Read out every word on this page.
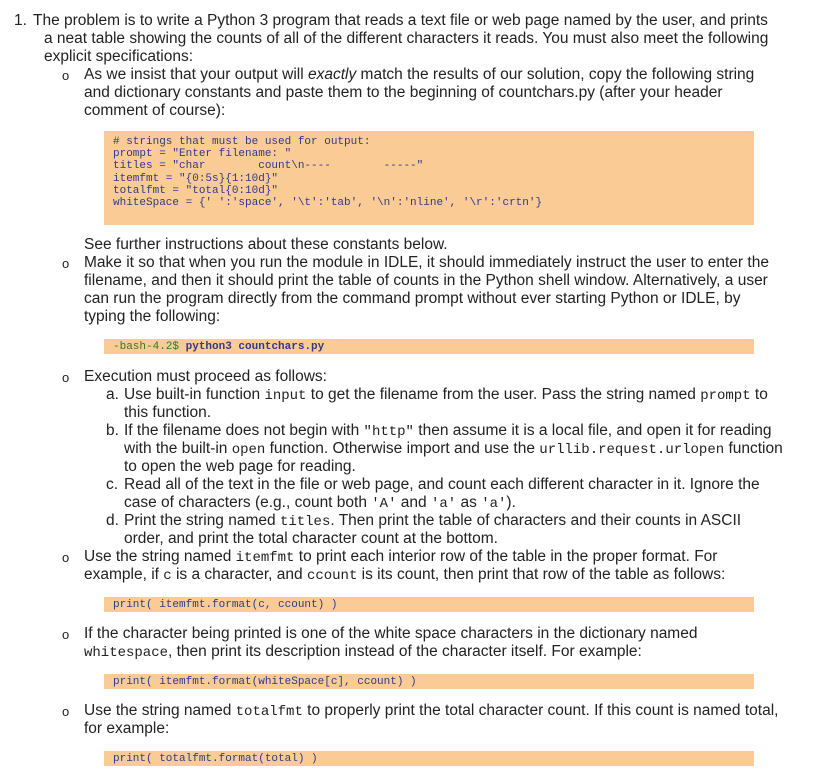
1. The problem is to write a Python 3 program that reads a text file or web page named by the user, and prints
a neat table showing the counts of all of the different characters it reads. You must also meet the following
explicit specifications:
o As we insist that your output will exactly match the results of our solution, copy the following string
and dictionary constants and paste them to the beginning of countchars.py (after your header
comment of course):
# strings that must be used for output:
prompt = "Enter filename: "
titles = "char        count\n----        -----"
itemfmt = "{0:5s}{1:10d}"
totalfmt = "total{0:10d}"
whiteSpace = {' ':'space', '\t':'tab', '\n':'nline', '\r':'crtn'}
See further instructions about these constants below.
o Make it so that when you run the module in IDLE, it should immediately instruct the user to enter the
filename, and then it should print the table of counts in the Python shell window. Alternatively, a user
can run the program directly from the command prompt without ever starting Python or IDLE, by
typing the following:
-bash-4.2$ python3 countchars.py
o Execution must proceed as follows:
a. Use built-in function input to get the filename from the user. Pass the string named prompt to
this function.
b. If the filename does not begin with "http" then assume it is a local file, and open it for reading
with the built-in open function. Otherwise import and use the urllib.request.urlopen function
to open the web page for reading.
c. Read all of the text in the file or web page, and count each different character in it. Ignore the
case of characters (e.g., count both 'A' and 'a' as 'a').
d. Print the string named titles. Then print the table of characters and their counts in ASCII
order, and print the total character count at the bottom.
o Use the string named itemfmt to print each interior row of the table in the proper format. For
example, if c is a character, and ccount is its count, then print that row of the table as follows:
print( itemfmt.format(c, ccount) )
o If the character being printed is one of the white space characters in the dictionary named
whitespace, then print its description instead of the character itself. For example:
print( itemfmt.format(whiteSpace[c], ccount) )
o Use the string named totalfmt to properly print the total character count. If this count is named total,
for example:
print( totalfmt.format(total) )
